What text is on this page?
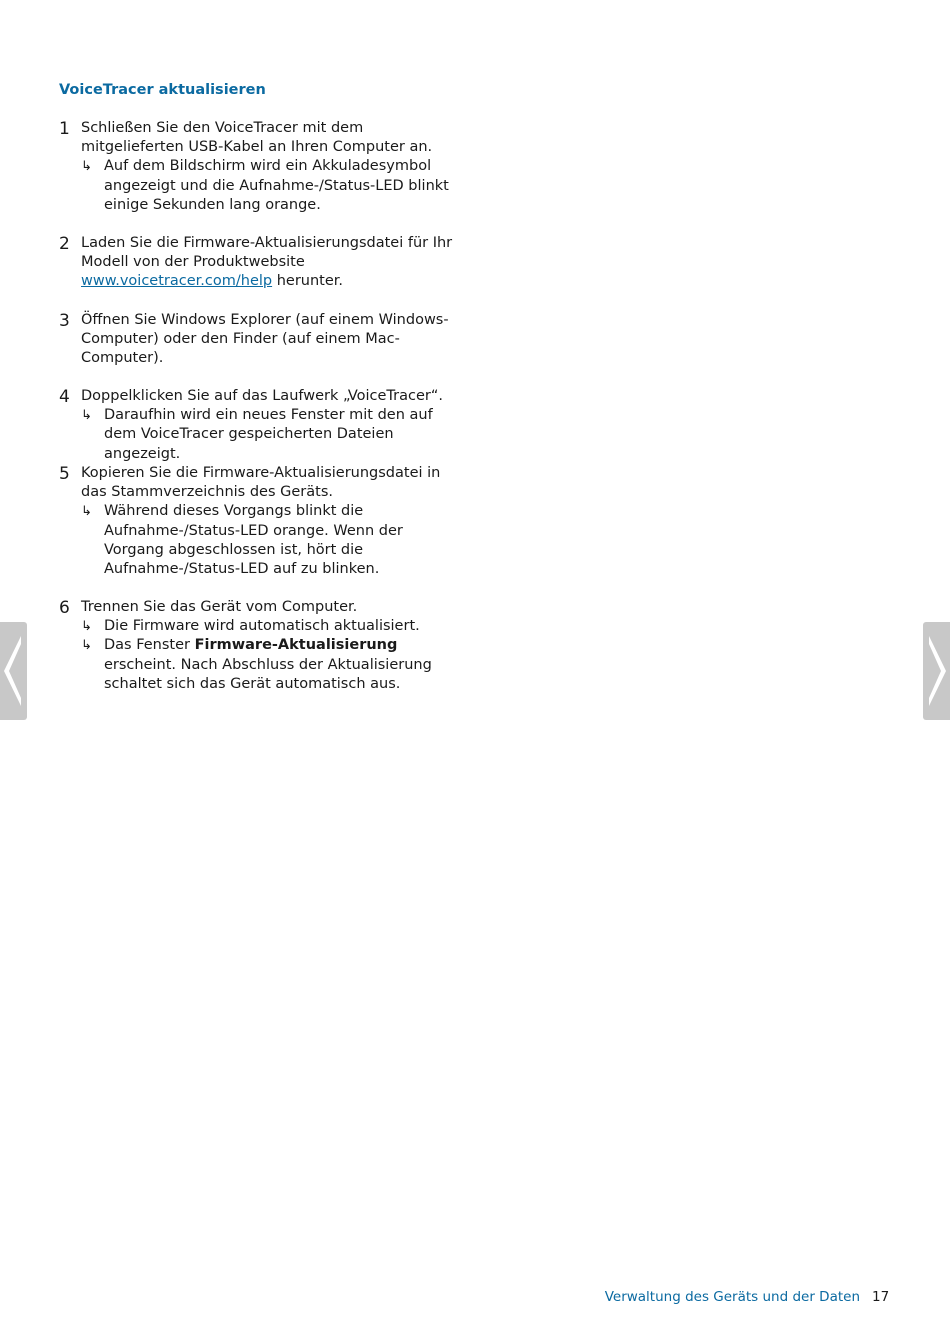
VoiceTracer aktualisieren
1 Schließen Sie den VoiceTracer mit dem mitgelieferten USB-Kabel an Ihren Computer an.
↳ Auf dem Bildschirm wird ein Akkuladesymbol angezeigt und die Aufnahme-/Status-LED blinkt einige Sekunden lang orange.
2 Laden Sie die Firmware-Aktualisierungsdatei für Ihr Modell von der Produktwebsite www.voicetracer.com/help herunter.
3 Öffnen Sie Windows Explorer (auf einem Windows-Computer) oder den Finder (auf einem Mac-Computer).
4 Doppelklicken Sie auf das Laufwerk „VoiceTracer“.
↳ Daraufhin wird ein neues Fenster mit den auf dem VoiceTracer gespeicherten Dateien angezeigt.
5 Kopieren Sie die Firmware-Aktualisierungsdatei in das Stammverzeichnis des Geräts.
↳ Während dieses Vorgangs blinkt die Aufnahme-/Status-LED orange. Wenn der Vorgang abgeschlossen ist, hört die Aufnahme-/Status-LED auf zu blinken.
6 Trennen Sie das Gerät vom Computer.
↳ Die Firmware wird automatisch aktualisiert.
↳ Das Fenster Firmware-Aktualisierung erscheint. Nach Abschluss der Aktualisierung schaltet sich das Gerät automatisch aus.
Verwaltung des Geräts und der Daten 17
